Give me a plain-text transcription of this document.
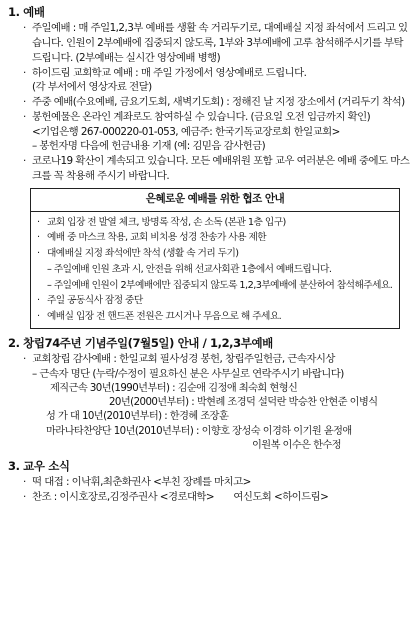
1. 예배
· 주일예배 : 매 주일1,2,3부 예배를 생활 속 거리두기로, 대예배실 지정 좌석에서 드리고 있습니다. 인원이 2부예배에 집중되지 않도록, 1부와 3부예배에 고루 참석해주시기를 부탁드립니다. (2부예배는 실시간 영상예배 병행)
· 하이드림 교회학교 예배 : 매 주일 가정에서 영상예배로 드립니다.
(각 부서에서 영상자료 전달)
· 주중 예배(수요예배, 금요기도회, 새벽기도회) : 정해진 날 지정 장소에서 (거리두기 착석)
· 봉헌예물은 온라인 계좌로도 참여하실 수 있습니다. (금요일 오전 입금까지 확인)
<기업은행 267-000220-01-053, 예금주: 한국기독교장로회 한일교회>
– 봉헌자명 다음에 헌금내용 기재 (예: 김믿음 감사헌금)
· 코로나19 확산이 계속되고 있습니다. 모든 예배위원 포함 교우 여러분은 예배 중에도 마스크를 꼭 착용해 주시기 바랍니다.
은혜로운 예배를 위한 협조 안내
· 교회 입장 전 발열 체크, 방명록 작성, 손 소독 (본관 1층 입구)
· 예배 중 마스크 착용, 교회 비치용 성경 찬송가 사용 제한
· 대예배실 지정 좌석에만 착석 (생활 속 거리 두기)
– 주일예배 인원 초과 시, 안전을 위해 선교사회관 1층에서 예배드립니다.
– 주일예배 인원이 2부예배에만 집중되지 않도록 1,2,3부예배에 분산하여 참석해주세요.
· 주일 공동식사 잠정 중단
· 예배실 입장 전 핸드폰 전원은 끄시거나 무음으로 해 주세요.
2. 창립74주년 기념주일(7월5일) 안내 / 1,2,3부예배
· 교회창립 감사예배 : 한일교회 필사성경 봉헌, 창립주일헌금, 근속자시상
– 근속자 명단 (누락/수정이 필요하신 분은 사무실로 연락주시기 바랍니다)
제직근속 30년(1990년부터) : 김순애 김정애 최숙희 현형신
20년(2000년부터) : 박현례 조경덕 설덕란 박승찬 안현준 이병식
성 가 대 10년(2010년부터) : 한경혜 조장훈
마라나타찬양단 10년(2010년부터) : 이향호 장성숙 이경하 이기원 윤정애
이원복 이수은 한수정
3. 교우 소식
· 떡 대접 : 이낙휘,최춘화권사 <부친 장례를 마치고>
· 찬조 : 이시호장로,김정주권사 <경로대학>       여신도회 <하이드림>
